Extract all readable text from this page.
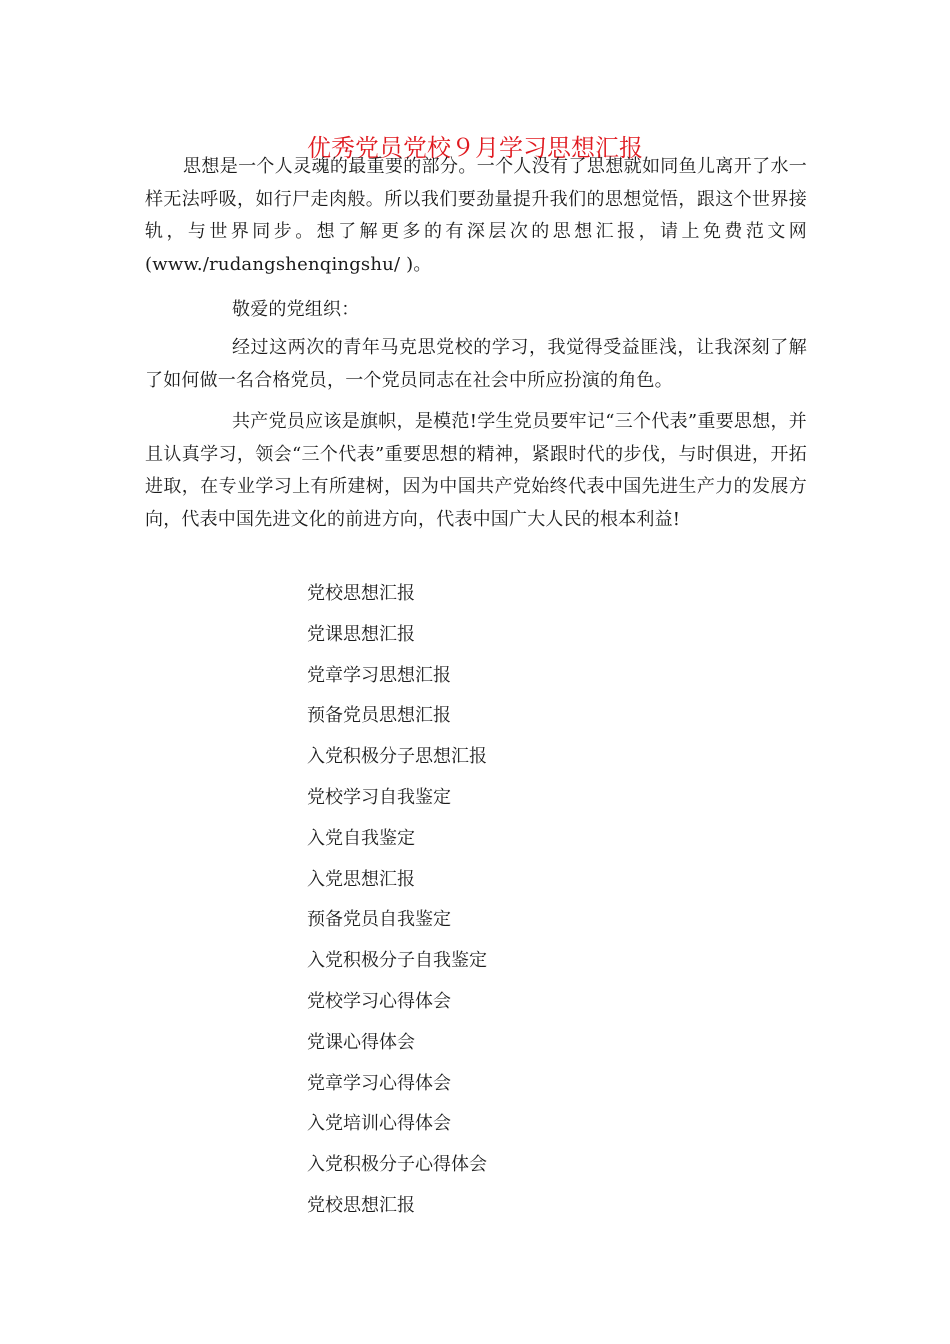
优秀党员党校９月学习思想汇报

思想是一个人灵魂的最重要的部分。一个人没有了思想就如同鱼儿离开了水一样无法呼吸，如行尸走肉般。所以我们要劲量提升我们的思想觉悟，跟这个世界接轨，与世界同步。想了解更多的有深层次的思想汇报，请上免费范文网(www./rudangshenqingshu/ )。

敬爱的党组织：

经过这两次的青年马克思党校的学习，我觉得受益匪浅，让我深刻了解了如何做一名合格党员，一个党员同志在社会中所应扮演的角色。

共产党员应该是旗帜，是模范!学生党员要牢记“三个代表”重要思想，并且认真学习，领会“三个代表”重要思想的精神，紧跟时代的步伐，与时俱进，开拓进取，在专业学习上有所建树，因为中国共产党始终代表中国先进生产力的发展方向，代表中国先进文化的前进方向，代表中国广大人民的根本利益!

党校思想汇报
党课思想汇报
党章学习思想汇报
预备党员思想汇报
入党积极分子思想汇报
党校学习自我鉴定
入党自我鉴定
入党思想汇报
预备党员自我鉴定
入党积极分子自我鉴定
党校学习心得体会
党课心得体会
党章学习心得体会
入党培训心得体会
入党积极分子心得体会
党校思想汇报
